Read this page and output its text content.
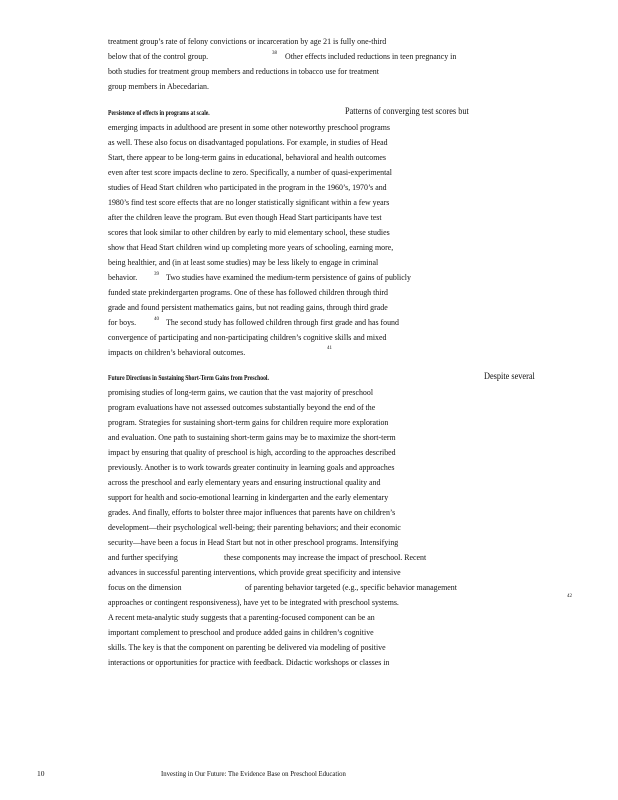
treatment group’s rate of felony convictions or incarceration by age 21 is fully one-third
below that of the control group.	38 Other effects included reductions in teen pregnancy in
both studies for treatment group members and reductions in tobacco use for treatment
group members in Abecedarian.
Persistence of effects in programs at scale.	Patterns of converging test scores but
emerging impacts in adulthood are present in some other noteworthy preschool programs
as well. These also focus on disadvantaged populations. For example, in studies of Head
Start, there appear to be long-term gains in educational, behavioral and health outcomes
even after test score impacts decline to zero. Specifically, a number of quasi-experimental
studies of Head Start children who participated in the program in the 1960’s, 1970’s and
1980’s find test score effects that are no longer statistically significant within a few years
after the children leave the program. But even though Head Start participants have test
scores that look similar to other children by early to mid elementary school, these studies
show that Head Start children wind up completing more years of schooling, earning more,
being healthier, and (in at least some studies) may be less likely to engage in criminal
behavior.	39 Two studies have examined the medium-term persistence of gains of publicly
funded state prekindergarten programs. One of these has followed children through third
grade and found persistent mathematics gains, but not reading gains, through third grade
for boys.	40 The second study has followed children through first grade and has found
convergence of participating and non-participating children’s cognitive skills and mixed
impacts on children’s behavioral outcomes.	41
Future Directions in Sustaining Short-Term Gains from Preschool.	Despite several
promising studies of long-term gains, we caution that the vast majority of preschool
program evaluations have not assessed outcomes substantially beyond the end of the
program. Strategies for sustaining short-term gains for children require more exploration
and evaluation. One path to sustaining short-term gains may be to maximize the short-term
impact by ensuring that quality of preschool is high, according to the approaches described
previously. Another is to work towards greater continuity in learning goals and approaches
across the preschool and early elementary years and ensuring instructional quality and
support for health and socio-emotional learning in kindergarten and the early elementary
grades. And finally, efforts to bolster three major influences that parents have on children’s
development—their psychological well-being; their parenting behaviors; and their economic
security—have been a focus in Head Start but not in other preschool programs. Intensifying
and further specifying	these components may increase the impact of preschool. Recent
advances in successful parenting interventions, which provide great specificity and intensive
focus on the dimension	of parenting behavior targeted (e.g., specific behavior management
approaches or contingent responsiveness), have yet to be integrated with preschool systems.
42
A recent meta-analytic study suggests that a parenting-focused component can be an
important complement to preschool and produce added gains in children’s cognitive
skills. The key is that the component on parenting be delivered via modeling of positive
interactions or opportunities for practice with feedback. Didactic workshops or classes in
10	Investing in Our Future: The Evidence Base on Preschool Education
